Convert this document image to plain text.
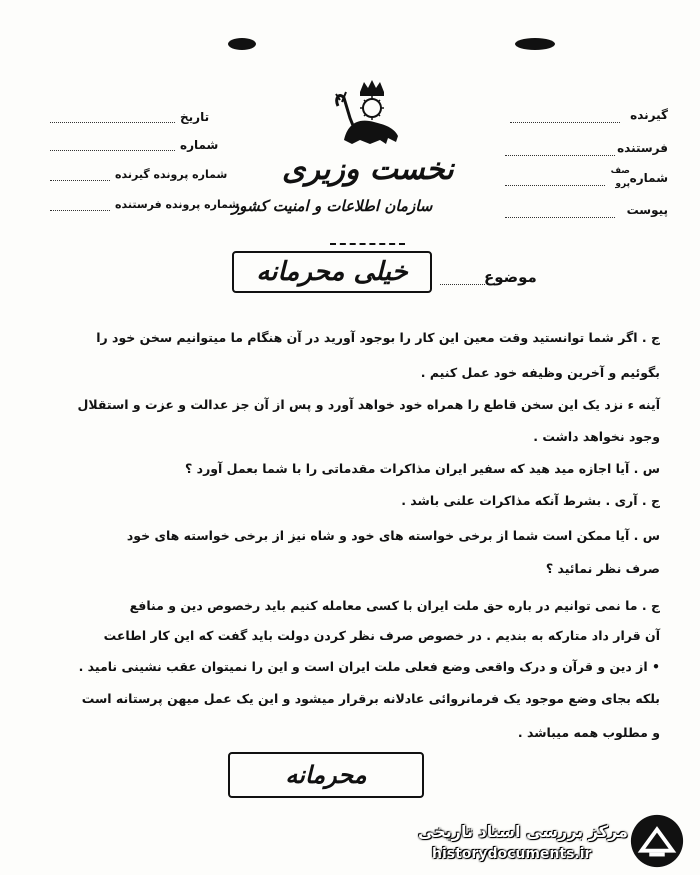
گیرنده
فرستنده
شماره
صف
پرو
پیوست
تاریخ
شماره
شماره پرونده گیرنده
شماره پرونده فرستنده
نخست وزیری
سازمان اطلاعات و امنیت کشور
موضوع
خیلی محرمانه
ج . اگر شما توانستید وقت معین این کار را بوجود آورید در آن هنگام ما میتوانیم سخن خود را
بگوئیم و آخرین وظیفه خود عمل کنیم .
آینه ء نزد یک این سخن قاطع را همراه خود خواهد آورد و پس از آن جز عدالت و عزت و استقلال
وجود نخواهد داشت .
س . آیا اجازه مید هید که سفیر ایران مذاکرات مقدماتی را با شما بعمل آورد ؟
ج . آری . بشرط آنکه مذاکرات علنی باشد .
س . آیا ممکن است شما از برخی خواسته های خود و شاه نیز از برخی خواسته های خود
صرف نظر نمائید ؟
ج . ما نمی توانیم در باره حق ملت ایران با کسی معامله کنیم باید رخصوص دین و منافع
آن قرار داد متارکه به بندیم . در خصوص صرف نظر کردن دولت باید گفت که این کار اطاعت
• از دین و قرآن و درک واقعی وضع فعلی ملت ایران است و این را نمیتوان عقب نشینی نامید .
بلکه بجای وضع موجود یک فرمانروائی عادلانه برقرار میشود و این یک عمل میهن پرستانه است
و مطلوب همه میباشد .
محرمانه
مرکز بررسی اسناد تاریخی
historydocuments.ir
